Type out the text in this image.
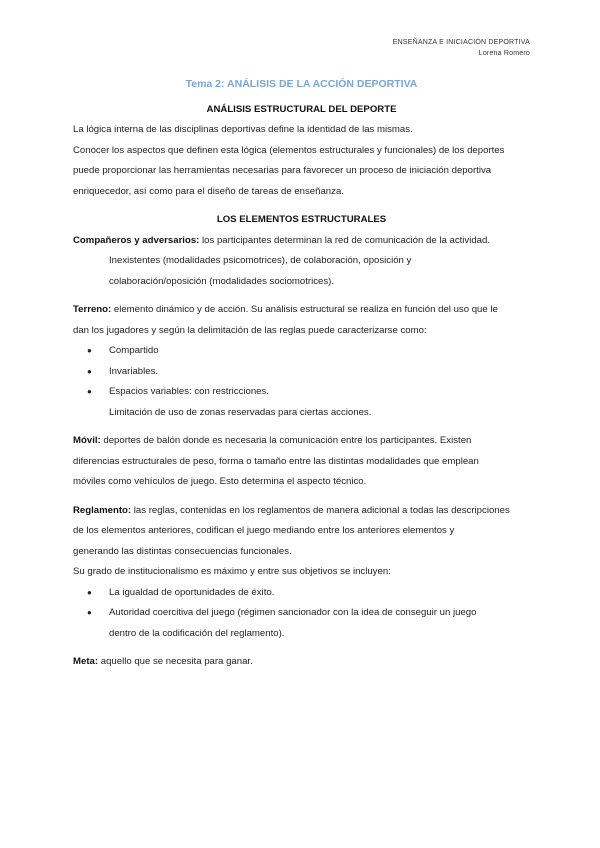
ENSEÑANZA E INICIACIÓN DEPORTIVA
Lorena Romero

Tema 2: ANÁLISIS DE LA ACCIÓN DEPORTIVA

ANÁLISIS ESTRUCTURAL DEL DEPORTE

La lógica interna de las disciplinas deportivas define la identidad de las mismas.

Conocer los aspectos que definen esta lógica (elementos estructurales y funcionales) de los deportes

puede proporcionar las herramientas necesarias para favorecer un proceso de iniciación deportiva

enriquecedor, así como para el diseño de tareas de enseñanza.

LOS ELEMENTOS ESTRUCTURALES

Compañeros y adversarios: los participantes determinan la red de comunicación de la actividad.

Inexistentes (modalidades psicomotrices), de colaboración, oposición y

colaboración/oposición (modalidades sociomotrices).

Terreno: elemento dinámico y de acción. Su análisis estructural se realiza en función del uso que le

dan los jugadores y según la delimitación de las reglas puede caracterizarse como:

● Compartido
● Invariables.
● Espacios variables: con restricciones.

Limitación de uso de zonas reservadas para ciertas acciones.

Móvil: deportes de balón donde es necesaria la comunicación entre los participantes. Existen

diferencias estructurales de peso, forma o tamaño entre las distintas modalidades que emplean

móviles como vehículos de juego. Esto determina el aspecto técnico.

Reglamento: las reglas, contenidas en los reglamentos de manera adicional a todas las descripciones

de los elementos anteriores, codifican el juego mediando entre los anteriores elementos y

generando las distintas consecuencias funcionales.

Su grado de institucionalismo es máximo y entre sus objetivos se incluyen:

● La igualdad de oportunidades de éxito.
● Autoridad coercitiva del juego (régimen sancionador con la idea de conseguir un juego

dentro de la codificación del reglamento).

Meta: aquello que se necesita para ganar.
